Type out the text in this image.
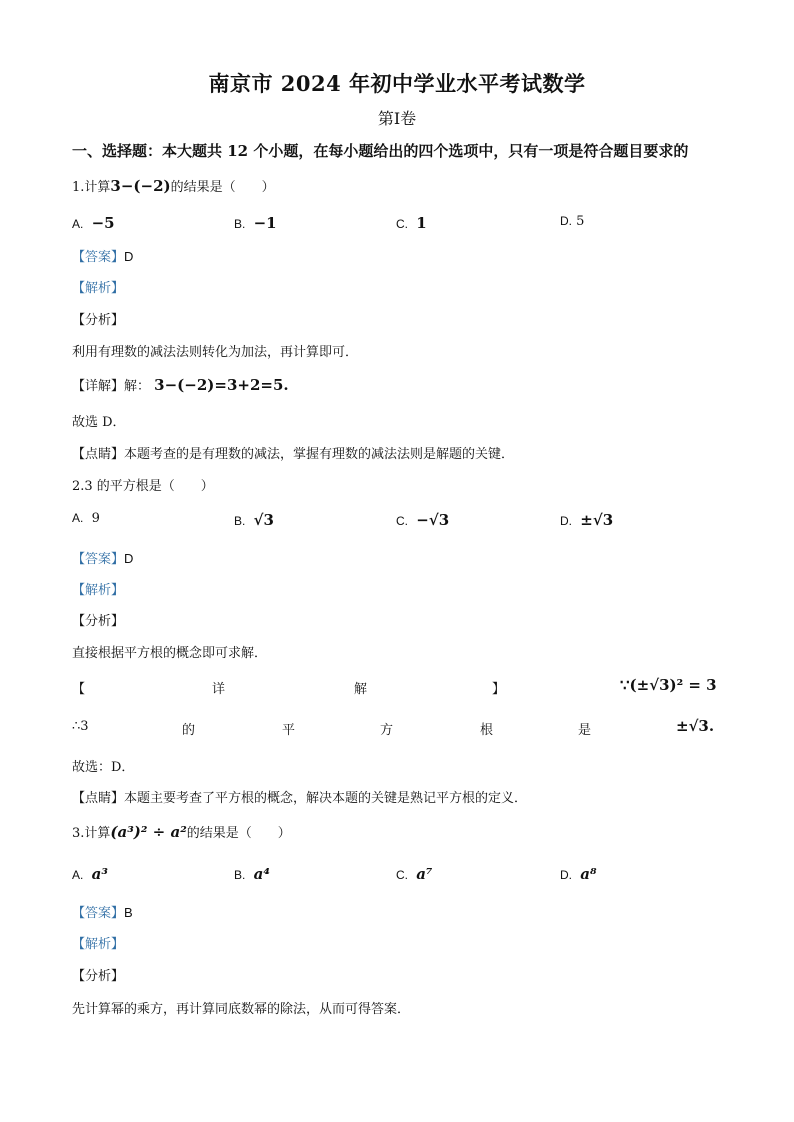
南京市 2024 年初中学业水平考试数学
第Ⅰ卷
一、选择题：本大题共 12 个小题，在每小题给出的四个选项中，只有一项是符合题目要求的
1.计算3−(−2)的结果是（　　）
A. −5	B. −1	C. 1	D. 5
【答案】D
【解析】
【分析】
利用有理数的减法法则转化为加法，再计算即可．
【详解】解： 3−(−2)=3+2=5.
故选 D．
【点睛】本题考查的是有理数的减法，掌握有理数的减法法则是解题的关键．
2.3 的平方根是（　　）
A. 9	B. √3	C. −√3	D. ±√3
【答案】D
【解析】
【分析】
直接根据平方根的概念即可求解．
【	详	解	】	∵(±√3)² = 3
∴3	的	平	方	根	是	±√3.
故选：D．
【点睛】本题主要考查了平方根的概念，解决本题的关键是熟记平方根的定义．
3.计算(a³)² ÷ a²的结果是（　　）
A. a³	B. a⁴	C. a⁷	D. a⁸
【答案】B
【解析】
【分析】
先计算幂的乘方，再计算同底数幂的除法，从而可得答案．
